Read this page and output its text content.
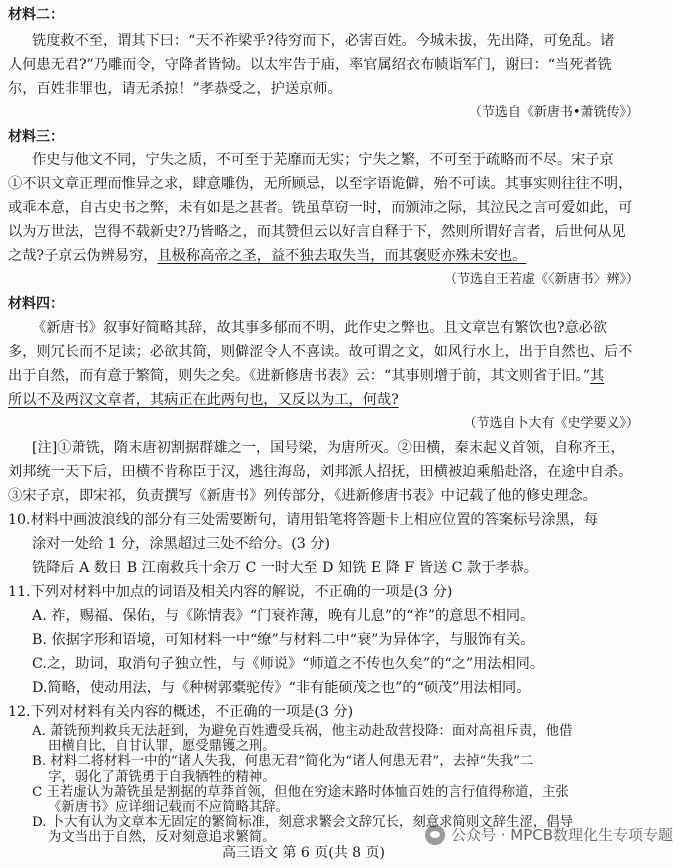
材料二：
铣度救不至，谓其下曰：“天不祚梁乎?待穷而下，必害百姓。今城未拔，先出降，可免乱。诸
人何患无君?”乃雕而令，守降者皆恸。以太牢告于庙，率官属绍衣布帻诣军门，谢曰：“当死者铣
尔，百姓非罪也，请无杀掠！”孝恭受之，护送京师。
（节选自《新唐书•萧铣传》）
材料三：
作史与他文不同，宁失之质，不可至于芜靡而无实；宁失之繁，不可至于疏略而不尽。宋子京
①不识文章正理而惟异之求，肆意雕伪，无所顾忌，以至字语诡僻，殆不可读。其事实则往往不明，
或乖本意，自古史书之弊，未有如是之甚者。铣虽草窃一时，而颁沛之际，其泣民之言可爱如此，可
以为万世法，岂得不载新史?乃皆略之，而其赞但云以好言自释于下，然则所谓好言者，后世何从见
之哉?子京云伪辨易穷，且极称高帝之圣，益不独去取失当，而其褒贬亦殊未安也。
（节选自王若虚《〈新唐书〉辨》）
材料四：
《新唐书》叙事好简略其辞，故其事多郁而不明，此作史之弊也。且文章岂有繁饮也?意必欲
多，则冗长而不足读；必欲其简，则僻涩令人不喜读。故可谓之文，如风行水上，出于自然也、后不
出于自然，而有意于繁简，则失之矣。《进新修唐书表》云：“其事则增于前，其文则省于旧。”其
所以不及两汉文章者，其病正在此两句也，又反以为工，何哉?
（节选自卜大有《史学要义》）
[注]①萧铣，隋末唐初割据群雄之一，国号梁，为唐所灭。②田横，秦末起义首领，自称齐王，
刘邦统一天下后，田横不肯称臣于汉，逃往海岛，刘邦派人招抚，田横被迫乘船赴洛，在途中自杀。
③宋子京，即宋祁，负责撰写《新唐书》列传部分，《进新修唐书表》中记载了他的修史理念。
10.材料中画波浪线的部分有三处需要断句，请用铅笔将答题卡上相应位置的答案标号涂黑，每
涂对一处给 1 分，涂黑超过三处不给分。(3 分)
铣降后 A 数日 B 江南救兵十余万 C 一时大至 D 知铣 E 降 F 皆送 C 款于孝恭。
11.下列对材料中加点的词语及相关内容的解说，不正确的一项是(3 分)
A. 祚，赐福、保佑，与《陈情表》“门衰祚薄，晚有儿息”的“祚”的意思不相同。
B. 依据字形和语境，可知材料一中“缭”与材料二中“衰”为异体字，与服饰有关。
C.之，助词，取消句子独立性，与《师说》“师道之不传也久矣”的“之”用法相同。
D.简略，使动用法，与《种树郭橐驼传》“非有能硕茂之也”的“硕茂”用法相同。
12.下列对材料有关内容的概述，不正确的一项是(3 分)
高三语文 第 6 页(共 8 页)
公众号 · MPCB数理化生专项专题
A. 萧铣预判救兵无法赶到，为避免百姓遭受兵祸，他主动赴敌营投降：面对高祖斥责，他借
田横自比，自甘认罪，愿受鼎镬之刑。
B. 材料二将材料一中的“诸人失我，何患无君”简化为“诸人何患无君”，去掉“失我”二
字，弱化了萧铣勇于自我牺牲的精神。
C 王若虚认为萧铣虽是割据的草莽首领，但他在穷途末路时体恤百姓的言行值得称道，主张
《新唐书》应详细记载而不应简略其辞。
D. 卜大有认为文章本无固定的繁简标准，刻意求繁会文辞冗长，刻意求简则文辞生涩，倡导
为文当出于自然，反对刻意追求繁简。
